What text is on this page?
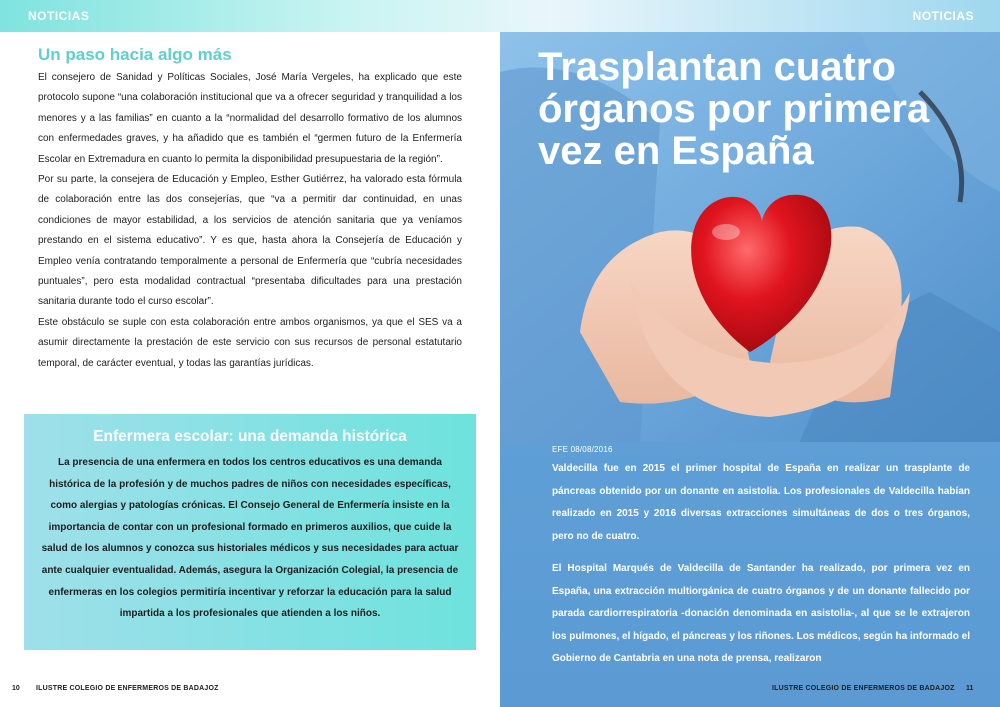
NOTICIAS	NOTICIAS
Un paso hacia algo más

El consejero de Sanidad y Políticas Sociales, José María Vergeles, ha explicado que este protocolo supone “una colaboración institucional que va a ofrecer seguridad y tranquilidad a los menores y a las familias” en cuanto a la “normalidad del desarrollo formativo de los alumnos con enfermedades graves, y ha añadido que es también el “germen futuro de la Enfermería Escolar en Extremadura en cuanto lo permita la disponibilidad presupuestaria de la región”.

Por su parte, la consejera de Educación y Empleo, Esther Gutiérrez, ha valorado esta fórmula de colaboración entre las dos consejerías, que “va a permitir dar continuidad, en unas condiciones de mayor estabilidad, a los servicios de atención sanitaria que ya veníamos prestando en el sistema educativo”. Y es que, hasta ahora la Consejería de Educación y Empleo venía contratando temporalmente a personal de Enfermería que “cubría necesidades puntuales”, pero esta modalidad contractual “presentaba dificultades para una prestación sanitaria durante todo el curso escolar”.

Este obstáculo se suple con esta colaboración entre ambos organismos, ya que el SES va a asumir directamente la prestación de este servicio con sus recursos de personal estatutario temporal, de carácter eventual, y todas las garantías jurídicas.

Enfermera escolar: una demanda histórica

La presencia de una enfermera en todos los centros educativos es una demanda histórica de la profesión y de muchos padres de niños con necesidades específicas, como alergias y patologías crónicas. El Consejo General de Enfermería insiste en la importancia de contar con un profesional formado en primeros auxilios, que cuide la salud de los alumnos y conozca sus historiales médicos y sus necesidades para actuar ante cualquier eventualidad. Además, asegura la Organización Colegial, la presencia de enfermeras en los colegios permitiría incentivar y reforzar la educación para la salud impartida a los profesionales que atienden a los niños.

10 ILUSTRE COLEGIO DE ENFERMEROS DE BADAJOZ
Trasplantan cuatro
órganos por primera
vez en España
EFE 08/08/2016

Valdecilla fue en 2015 el primer hospital de España en realizar un trasplante de páncreas obtenido por un donante en asistolia. Los profesionales de Valdecilla habían realizado en 2015 y 2016 diversas extracciones simultáneas de dos o tres órganos, pero no de cuatro.

El Hospital Marqués de Valdecilla de Santander ha realizado, por primera vez en España, una extracción multiorgánica de cuatro órganos y de un donante fallecido por parada cardiorrespiratoria -donación denominada en asistolia-, al que se le extrajeron los pulmones, el hígado, el páncreas y los riñones. Los médicos, según ha informado el Gobierno de Cantabria en una nota de prensa, realizaron

ILUSTRE COLEGIO DE ENFERMEROS DE BADAJOZ 11
